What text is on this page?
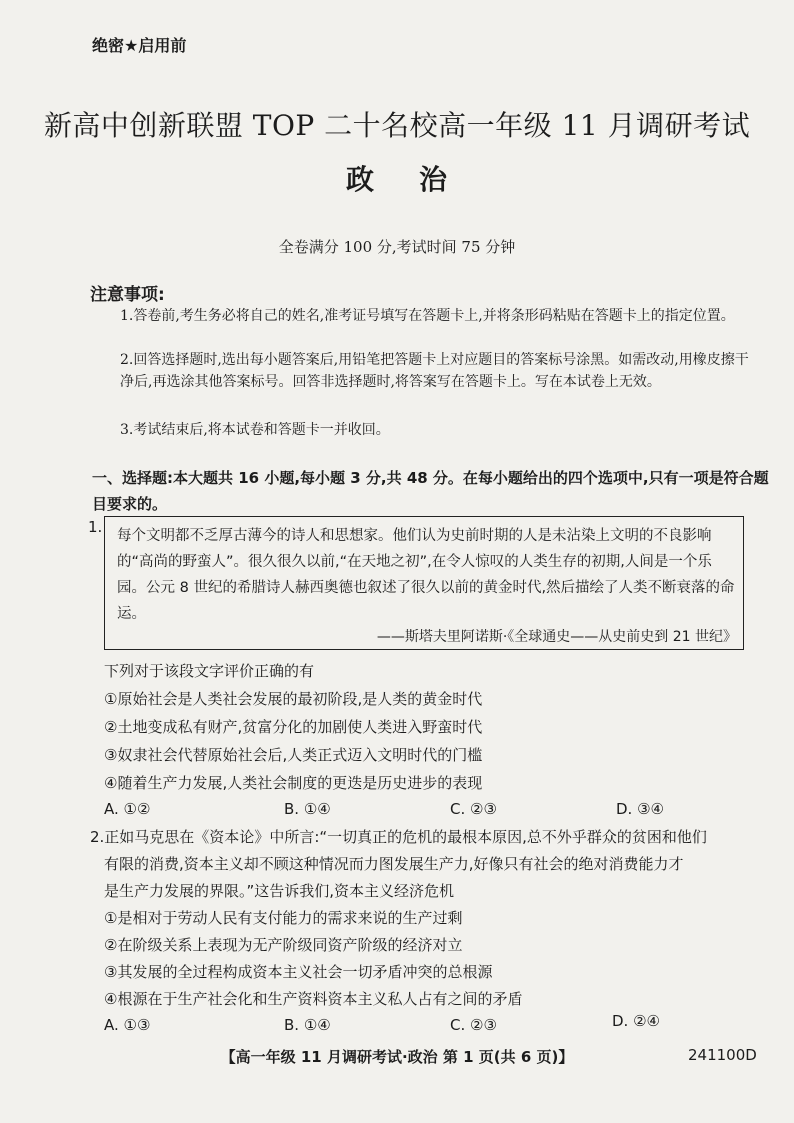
绝密★启用前
新高中创新联盟 TOP 二十名校高一年级 11 月调研考试
政 治
全卷满分 100 分,考试时间 75 分钟
注意事项:
1.答卷前,考生务必将自己的姓名,准考证号填写在答题卡上,并将条形码粘贴在答题卡上的指定位置。
2.回答选择题时,选出每小题答案后,用铅笔把答题卡上对应题目的答案标号涂黑。如需改动,用橡皮擦干净后,再选涂其他答案标号。回答非选择题时,将答案写在答题卡上。写在本试卷上无效。
3.考试结束后,将本试卷和答题卡一并收回。
一、选择题:本大题共 16 小题,每小题 3 分,共 48 分。在每小题给出的四个选项中,只有一项是符合题目要求的。
1. 每个文明都不乏厚古薄今的诗人和思想家。他们认为史前时期的人是未沾染上文明的不良影响的“高尚的野蛮人”。很久很久以前,“在天地之初”,在令人惊叹的人类生存的初期,人间是一个乐园。公元 8 世纪的希腊诗人赫西奥德也叙述了很久以前的黄金时代,然后描绘了人类不断衰落的命运。
——斯塔夫里阿诺斯·《全球通史——从史前史到 21 世纪》
下列对于该段文字评价正确的有
①原始社会是人类社会发展的最初阶段,是人类的黄金时代
②土地变成私有财产,贫富分化的加剧使人类进入野蛮时代
③奴隶社会代替原始社会后,人类正式迈入文明时代的门槛
④随着生产力发展,人类社会制度的更迭是历史进步的表现
A. ①②	B. ①④	C. ②③	D. ③④
2.正如马克思在《资本论》中所言:“一切真正的危机的最根本原因,总不外乎群众的贫困和他们
有限的消费,资本主义却不顾这种情况而力图发展生产力,好像只有社会的绝对消费能力才
是生产力发展的界限。”这告诉我们,资本主义经济危机
①是相对于劳动人民有支付能力的需求来说的生产过剩
②在阶级关系上表现为无产阶级同资产阶级的经济对立
③其发展的全过程构成资本主义社会一切矛盾冲突的总根源
④根源在于生产社会化和生产资料资本主义私人占有之间的矛盾
A. ①③	B. ①④	C. ②③	D. ②④
【高一年级 11 月调研考试·政治 第 1 页(共 6 页)】	241100D
